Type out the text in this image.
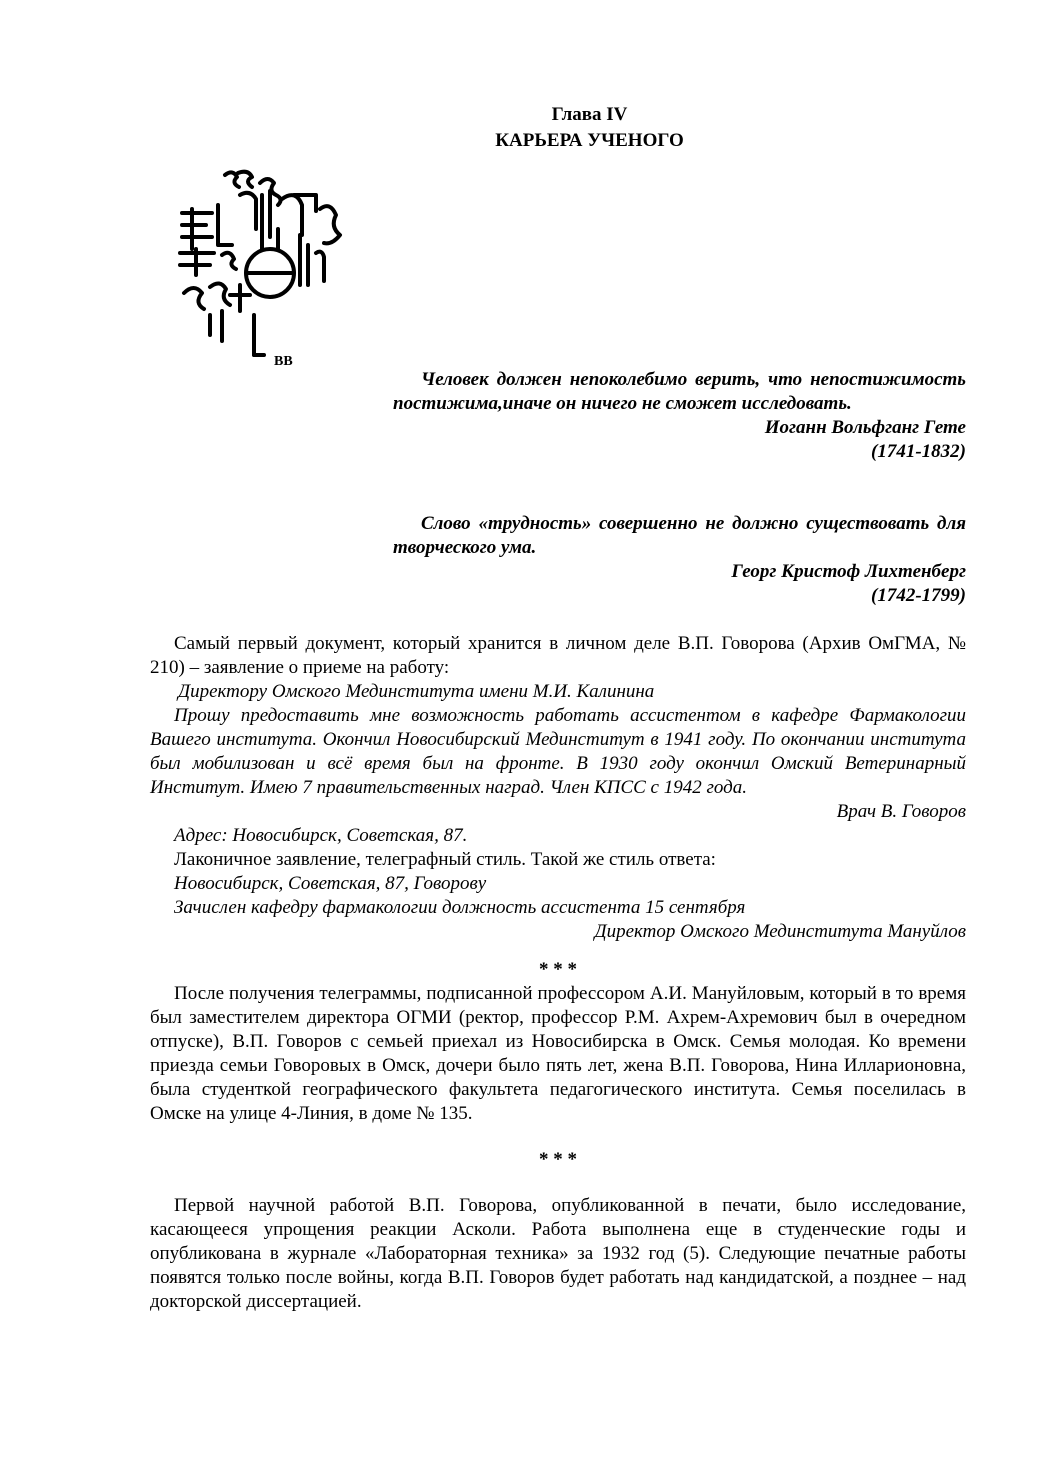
Глава IV
КАРЬЕРА УЧЕНОГО
ВВ
Человек должен непоколебимо верить, что непостижимость постижима,иначе он ничего не сможет исследовать.
Иоганн Вольфганг Гете
(1741-1832)
Слово «трудность» совершенно не должно существовать для творческого ума.
Георг Кристоф Лихтенберг
(1742-1799)

Самый первый документ, который хранится в личном деле В.П. Говорова (Архив ОмГМА, № 210) – заявление о приеме на работу:

Директору Омского Мединститута имени М.И. Калинина

Прошу предоставить мне возможность работать ассистентом в кафедре Фармакологии Вашего института. Окончил Новосибирский Мединститут в 1941 году. По окончании института был мобилизован и всё время был на фронте. В 1930 году окончил Омский Ветеринарный Институт. Имею 7 правительственных наград. Член КПСС с 1942 года.

Врач В. Говоров
Адрес: Новосибирск, Советская, 87.
Лаконичное заявление, телеграфный стиль. Такой же стиль ответа:
Новосибирск, Советская, 87, Говорову
Зачислен кафедру фармакологии должность ассистента 15 сентября
Директор Омского Мединститута Мануйлов
* * *

После получения телеграммы, подписанной профессором А.И. Мануйловым, который в то время был заместителем директора ОГМИ (ректор, профессор Р.М. Ахрем-Ахремович был в очередном отпуске), В.П. Говоров с семьей приехал из Новосибирска в Омск. Семья молодая. Ко времени приезда семьи Говоровых в Омск, дочери было пять лет, жена В.П. Говорова, Нина Илларионовна, была студенткой географического факультета педагогического института. Семья поселилась в Омске на улице 4-Линия, в доме № 135.

* * *

Первой научной работой В.П. Говорова, опубликованной в печати, было исследование, касающееся упрощения реакции Асколи. Работа выполнена еще в студенческие годы и опубликована в журнале «Лабораторная техника» за 1932 год (5). Следующие печатные работы появятся только после войны, когда В.П. Говоров будет работать над кандидатской, а позднее – над докторской диссертацией.
